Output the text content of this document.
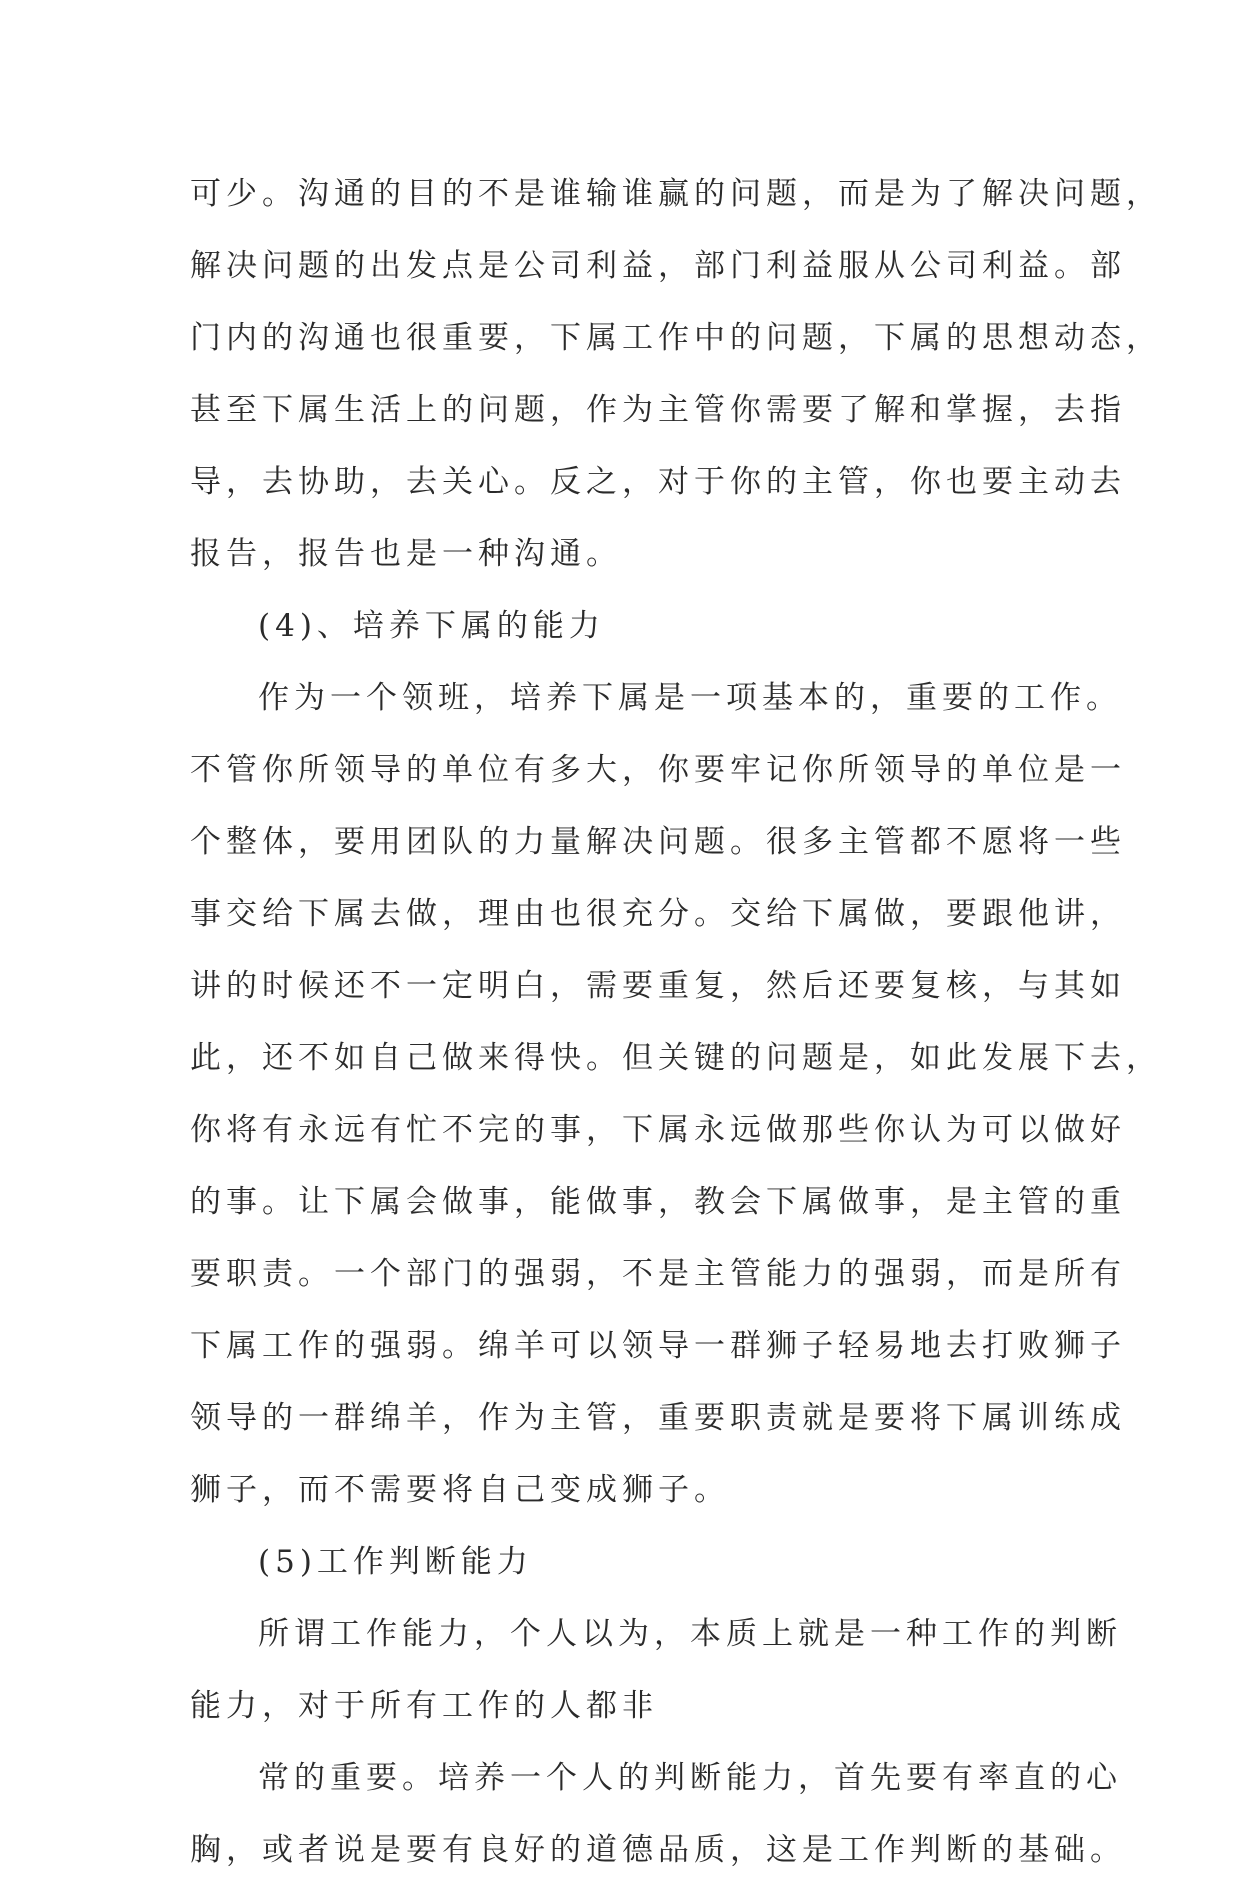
可少。沟通的目的不是谁输谁赢的问题，而是为了解决问题，
解决问题的出发点是公司利益，部门利益服从公司利益。部
门内的沟通也很重要，下属工作中的问题，下属的思想动态，
甚至下属生活上的问题，作为主管你需要了解和掌握，去指
导，去协助，去关心。反之，对于你的主管，你也要主动去
报告，报告也是一种沟通。
(4)、培养下属的能力
作为一个领班，培养下属是一项基本的，重要的工作。
不管你所领导的单位有多大，你要牢记你所领导的单位是一
个整体，要用团队的力量解决问题。很多主管都不愿将一些
事交给下属去做，理由也很充分。交给下属做，要跟他讲，
讲的时候还不一定明白，需要重复，然后还要复核，与其如
此，还不如自己做来得快。但关键的问题是，如此发展下去，
你将有永远有忙不完的事，下属永远做那些你认为可以做好
的事。让下属会做事，能做事，教会下属做事，是主管的重
要职责。一个部门的强弱，不是主管能力的强弱，而是所有
下属工作的强弱。绵羊可以领导一群狮子轻易地去打败狮子
领导的一群绵羊，作为主管，重要职责就是要将下属训练成
狮子，而不需要将自己变成狮子。
(5)工作判断能力
所谓工作能力，个人以为，本质上就是一种工作的判断
能力，对于所有工作的人都非
常的重要。培养一个人的判断能力，首先要有率直的心
胸，或者说是要有良好的道德品质，这是工作判断的基础。
